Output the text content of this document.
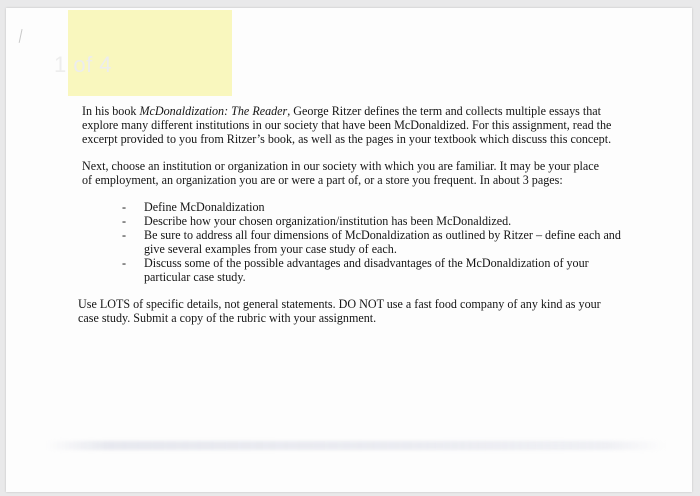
1 of 4

In his book McDonaldization: The Reader, George Ritzer defines the term and collects multiple essays that explore many different institutions in our society that have been McDonaldized. For this assignment, read the excerpt provided to you from Ritzer’s book, as well as the pages in your textbook which discuss this concept.

Next, choose an institution or organization in our society with which you are familiar. It may be your place of employment, an organization you are or were a part of, or a store you frequent. In about 3 pages:

- Define McDonaldization
- Describe how your chosen organization/institution has been McDonaldized.
- Be sure to address all four dimensions of McDonaldization as outlined by Ritzer – define each and give several examples from your case study of each.
- Discuss some of the possible advantages and disadvantages of the McDonaldization of your particular case study.

Use LOTS of specific details, not general statements. DO NOT use a fast food company of any kind as your case study. Submit a copy of the rubric with your assignment.
